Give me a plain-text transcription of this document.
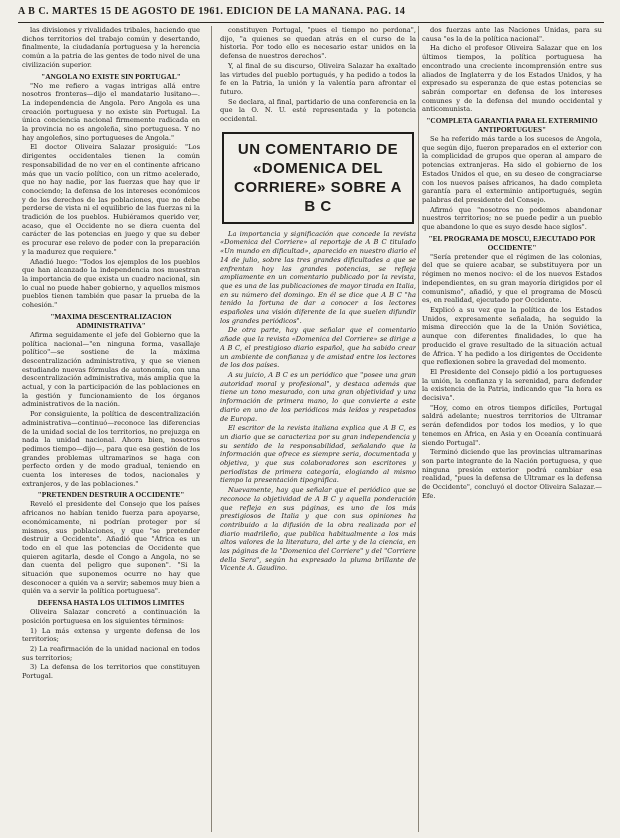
A B C. MARTES 15 DE AGOSTO DE 1961. EDICION DE LA MAÑANA. PAG. 14

las divisiones y rivalidades tribales, haciendo que dichos territorios del trabajo común y desertando, finalmente, la ciudadanía portuguesa y la herencia común a la patria de las gentes de todo nivel de una civilización superior.

"ANGOLA NO EXISTE SIN PORTUGAL"

"No me refiero a vagas intrigas allá entre nosotros fronteras—dijo el mandatario lusitano—. La independencia de Angola. Pero Angola es una creación portuguesa y no existe sin Portugal. La única conciencia nacional firmemente radicada en la provincia no es angoleña, sino portuguesa. Y no hay angoleños, sino portugueses de Angola."

El doctor Oliveira Salazar prosiguió: "Los dirigentes occidentales tienen la común responsabilidad de no ver en el continente africano más que un vacío político, con un ritmo acelerado, que no hay nadie, por las fuerzas que hay que ir conociendo; la defensa de los intereses económicos y de los derechos de las poblaciones, que no debe perderse de vista ni el equilibrio de las fuerzas ni la tradición de los pueblos. Hubiéramos querido ver, acaso, que el Occidente no se diera cuenta del carácter de las potencias en juego y que su deber es procurar ese relevo de poder con la preparación y la madurez que requiere."

Añadió luego: "Todos los ejemplos de los pueblos que han alcanzado la independencia nos muestran la importancia de que exista un cuadro nacional, sin lo cual no puede haber gobierno, y aquellos mismos pueblos tienen también que pasar la prueba de la cohesión."

"MAXIMA DESCENTRALIZACION ADMINISTRATIVA"

Afirma seguidamente el jefe del Gobierno que la política nacional—"en ninguna forma, vasallaje político"—se sostiene de la máxima descentralización administrativa, y que se vienen estudiando nuevas fórmulas de autonomía, con una descentralización administrativa, más amplia que la actual, y con la participación de las poblaciones en la gestión y funcionamiento de los órganos administrativos de la nación.

Por consiguiente, la política de descentralización administrativa—continuó—reconoce las diferencias de la unidad social de los territorios, no prejuzga en nada la unidad nacional. Ahora bien, nosotros pedimos tiempo—dijo—, para que esa gestión de los grandes problemas ultramarinos se haga con perfecto orden y de modo gradual, teniendo en cuenta los intereses de todos, nacionales y extranjeros, y de las poblaciones."

"PRETENDEN DESTRUIR A OCCIDENTE"

Reveló el presidente del Consejo que los países africanos no habían tenido fuerza para apoyarse, económicamente, ni podrían proteger por sí mismos, sus poblaciones, y que "se pretender destruir a Occidente". Añadió que "África es un todo en el que las potencias de Occidente que quieren agitarla, desde el Congo a Angola, no se dan cuenta del peligro que suponen". "Si la situación que suponemos ocurre no hay que desconocer a quién va a servir; sabemos muy bien a quién va a servir la política portuguesa".

DEFENSA HASTA LOS ULTIMOS LIMITES

Oliveira Salazar concretó a continuación la posición portuguesa en los siguientes términos:

1) La más extensa y urgente defensa de los territorios;

2) La reafirmación de la unidad nacional en todos sus territorios;

3) La defensa de los territorios que constituyen Portugal.

constituyen Portugal, "pues el tiempo no perdona", dijo, "a quienes se quedan atrás en el curso de la historia. Por todo ello es necesario estar unidos en la defensa de nuestros derechos".

Y, al final de su discurso, Oliveira Salazar ha exaltado las virtudes del pueblo portugués, y ha pedido a todos la fe en la Patria, la unión y la valentía para afrontar el futuro.

Se declara, al final, partidario de una conferencia en la que la O. N. U. esté representada y la potencia occidental.

UN COMENTARIO DE «DOMENICA DEL CORRIERE» SOBRE A B C

La importancia y significación que concede la revista «Domenica del Corriere» al reportaje de A B C titulado «Un mundo en dificultad», aparecido en nuestro diario el 14 de julio, sobre las tres grandes dificultades a que se enfrentan hoy las grandes potencias, se refleja ampliamente en un comentario publicado por la revista, que es una de las publicaciones de mayor tirada en Italia, en su número del domingo. En él se dice que A B C "ha tenido la fortuna de dar a conocer a los lectores españoles una visión diferente de la que suelen difundir los grandes periódicos".

De otra parte, hay que señalar que el comentario añade que la revista «Domenica del Corriere» se dirige a A B C, el prestigioso diario español, que ha sabido crear un ambiente de confianza y de amistad entre los lectores de los dos países.

A su juicio, A B C es un periódico que "posee una gran autoridad moral y profesional", y destaca además que tiene un tono mesurado, con una gran objetividad y una información de primera mano, lo que convierte a este diario en uno de los periódicos más leídos y respetados de Europa.

El escritor de la revista italiana explica que A B C, es un diario que se caracteriza por su gran independencia y su sentido de la responsabilidad, señalando que la información que ofrece es siempre seria, documentada y objetiva, y que sus colaboradores son escritores y periodistas de primera categoría, elogiando al mismo tiempo la presentación tipográfica.

Nuevamente, hay que señalar que el periódico que se reconoce la objetividad de A B C y aquella ponderación que refleja en sus páginas, es uno de los más prestigiosos de Italia y que con sus opiniones ha contribuido a la difusión de la obra realizada por el diario madrileño, que publica habitualmente a los más altos valores de la literatura, del arte y de la ciencia, en las páginas de la "Domenica del Corriere" y del "Corriere della Sera", según ha expresado la pluma brillante de Vicente A. Gaudino.

dos fuerzas ante las Naciones Unidas, para su causa "es la de la política nacional".

Ha dicho el profesor Oliveira Salazar que en los últimos tiempos, la política portuguesa ha encontrado una creciente incomprensión entre sus aliados de Inglaterra y de los Estados Unidos, y ha expresado su esperanza de que estas potencias se sabrán comportar en defensa de los intereses comunes y de la defensa del mundo occidental y anticomunista.

"COMPLETA GARANTIA PARA EL EXTERMINIO ANTIPORTUGUES"

Se ha referido más tarde a los sucesos de Angola, que según dijo, fueron preparados en el exterior con la complicidad de grupos que operan al amparo de potencias extranjeras. Ha sido el gobierno de los Estados Unidos el que, en su deseo de congraciarse con los nuevos países africanos, ha dado completa garantía para el exterminio antiportugués, según palabras del presidente del Consejo.

Afirmó que "nosotros no podemos abandonar nuestros territorios; no se puede pedir a un pueblo que abandone lo que es suyo desde hace siglos".

"EL PROGRAMA DE MOSCU, EJECUTADO POR OCCIDENTE"

"Sería pretender que el régimen de las colonias, del que se quiere acabar, se substituyera por un régimen no menos nocivo: el de los nuevos Estados independientes, en su gran mayoría dirigidos por el comunismo", añadió, y que el programa de Moscú es, en realidad, ejecutado por Occidente.

Explicó a su vez que la política de los Estados Unidos, expresamente señalada, ha seguido la misma dirección que la de la Unión Soviética, aunque con diferentes finalidades, lo que ha producido el grave resultado de la situación actual de África. Y ha pedido a los dirigentes de Occidente que reflexionen sobre la gravedad del momento.

El Presidente del Consejo pidió a los portugueses la unión, la confianza y la serenidad, para defender la existencia de la Patria, indicando que "la hora es decisiva".

"Hoy, como en otros tiempos difíciles, Portugal saldrá adelante; nuestros territorios de Ultramar serán defendidos por todos los medios, y lo que tenemos en África, en Asia y en Oceanía continuará siendo Portugal".

Terminó diciendo que las provincias ultramarinas son parte integrante de la Nación portuguesa, y que ninguna presión exterior podrá cambiar esa realidad, "pues la defensa de Ultramar es la defensa de Occidente", concluyó el doctor Oliveira Salazar.—Efe.
